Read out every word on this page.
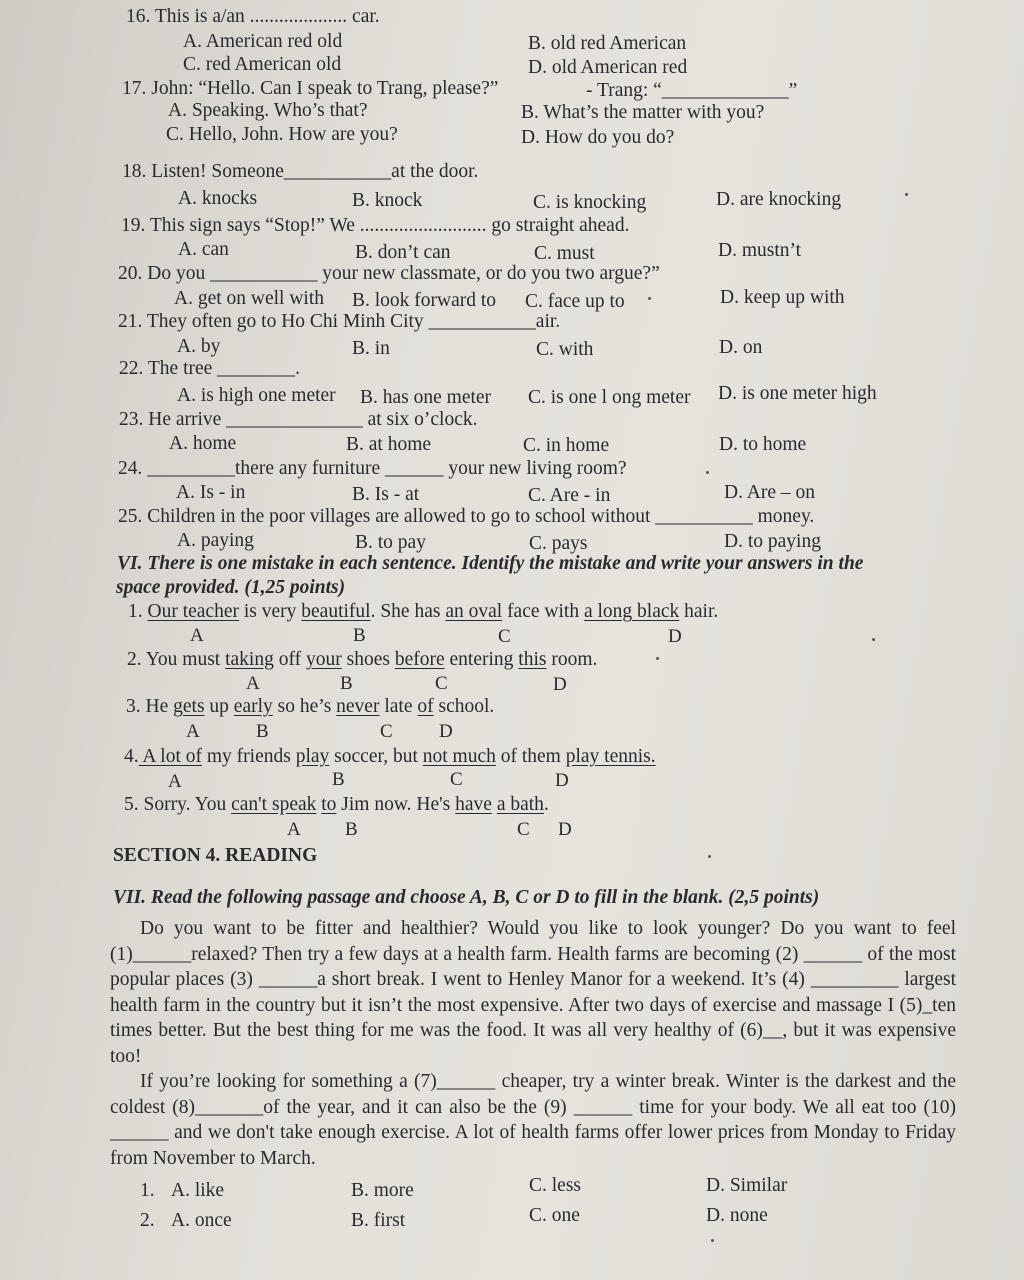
16. This is a/an .................... car.
A. American red old	B. old red American
C. red American old	D. old American red
17. John: “Hello. Can I speak to Trang, please?”	- Trang: “_____________”
A. Speaking. Who’s that?	B. What’s the matter with you?
C. Hello, John. How are you?	D. How do you do?
18. Listen! Someone___________at the door.
A. knocks	B. knock	C. is knocking	D. are knocking
19. This sign says “Stop!” We .......................... go straight ahead.
A. can	B. don’t can	C. must	D. mustn’t
20. Do you ___________ your new classmate, or do you two argue?”
A. get on well with B. look forward to C. face up to	D. keep up with
21. They often go to Ho Chi Minh City ___________air.
A. by	B. in	C. with	D. on
22. The tree ________.
A. is high one meter B. has one meter C. is one l ong meter D. is one meter high
23. He arrive ______________ at six o’clock.
A. home	B. at home	C. in home	D. to home
24. _________there any furniture ______ your new living room?
A. Is - in	B. Is - at	C. Are - in	D. Are – on
25. Children in the poor villages are allowed to go to school without __________ money.
A. paying	B. to pay	C. pays	D. to paying
VI. There is one mistake in each sentence. Identify the mistake and write your answers in the
space provided. (1,25 points)
1. Our teacher is very beautiful. She has an oval face with a long black hair.
A	B	C	D
2. You must taking off your shoes before entering this room.
A	B	C	D
3. He gets up early so he’s never late of school.
A	B	C D
4. A lot of my friends play soccer, but not much of them play tennis.
A	B	C	D
5. Sorry. You can't speak to Jim now. He's have a bath.
A B	C D
SECTION 4. READING
VII. Read the following passage and choose A, B, C or D to fill in the blank. (2,5 points)

Do you want to be fitter and healthier? Would you like to look younger? Do you want to feel (1)______relaxed? Then try a few days at a health farm. Health farms are becoming (2) ______ of the most popular places (3) ______a short break. I went to Henley Manor for a weekend. It’s (4) _________ largest health farm in the country but it isn’t the most expensive. After two days of exercise and massage I (5)_ten times better. But the best thing for me was the food. It was all very healthy of (6)__, but it was expensive too!

If you’re looking for something a (7)______ cheaper, try a winter break. Winter is the darkest and the coldest (8)_______of the year, and it can also be the (9) ______ time for your body. We all eat too (10) ______ and we don't take enough exercise. A lot of health farms offer lower prices from Monday to Friday from November to March.

1. A. like	B. more	C. less	D. Similar
2. A. once	B. first	C. one	D. none
